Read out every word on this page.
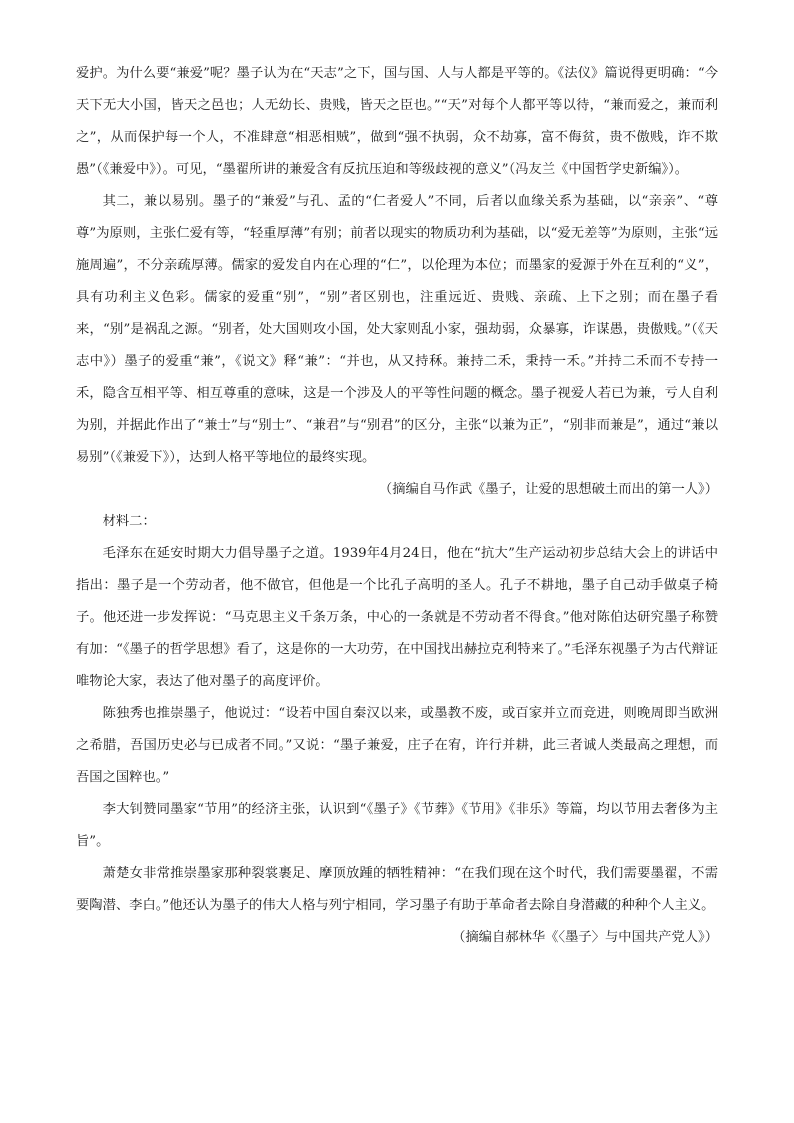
爱护。为什么要“兼爱”呢？墨子认为在“天志”之下，国与国、人与人都是平等的。《法仪》篇说得更明确：“今天下无大小国，皆天之邑也；人无幼长、贵贱，皆天之臣也。”“天”对每个人都平等以待，“兼而爱之，兼而利之”，从而保护每一个人，不准肆意“相恶相贼”，做到“强不执弱，众不劫寡，富不侮贫，贵不傲贱，诈不欺愚”（《兼爱中》）。可见，“墨翟所讲的兼爱含有反抗压迫和等级歧视的意义”（冯友兰《中国哲学史新编》）。

其二，兼以易别。墨子的“兼爱”与孔、孟的“仁者爱人”不同，后者以血缘关系为基础，以“亲亲”、“尊尊”为原则，主张仁爱有等，“轻重厚薄”有别；前者以现实的物质功利为基础，以“爱无差等”为原则，主张“远施周遍”，不分亲疏厚薄。儒家的爱发自内在心理的“仁”，以伦理为本位；而墨家的爱源于外在互利的“义”，具有功利主义色彩。儒家的爱重“别”，“别”者区别也，注重远近、贵贱、亲疏、上下之别；而在墨子看来，“别”是祸乱之源。“别者，处大国则攻小国，处大家则乱小家，强劫弱，众暴寡，诈谋愚，贵傲贱。”（《天志中》）墨子的爱重“兼”，《说文》释“兼”：“并也，从又持秝。兼持二禾，秉持一禾。”并持二禾而不专持一禾，隐含互相平等、相互尊重的意味，这是一个涉及人的平等性问题的概念。墨子视爱人若已为兼，亏人自利为别，并据此作出了“兼士”与“别士”、“兼君”与“别君”的区分，主张“以兼为正”，“别非而兼是”，通过“兼以易别”（《兼爱下》），达到人格平等地位的最终实现。

（摘编自马作武《墨子，让爱的思想破土而出的第一人》）

材料二：

毛泽东在延安时期大力倡导墨子之道。1939年4月24日，他在“抗大”生产运动初步总结大会上的讲话中指出：墨子是一个劳动者，他不做官，但他是一个比孔子高明的圣人。孔子不耕地，墨子自己动手做桌子椅子。他还进一步发挥说：“马克思主义千条万条，中心的一条就是不劳动者不得食。”他对陈伯达研究墨子称赞有加：“《墨子的哲学思想》看了，这是你的一大功劳，在中国找出赫拉克利特来了。”毛泽东视墨子为古代辩证唯物论大家，表达了他对墨子的高度评价。

陈独秀也推崇墨子，他说过：“设若中国自秦汉以来，或墨教不废，或百家并立而竞进，则晚周即当欧洲之希腊，吾国历史必与已成者不同。”又说：“墨子兼爱，庄子在宥，许行并耕，此三者诚人类最高之理想，而吾国之国粹也。”

李大钊赞同墨家“节用”的经济主张，认识到“《墨子》《节葬》《节用》《非乐》等篇，均以节用去奢侈为主旨”。

萧楚女非常推崇墨家那种裂裳裹足、摩顶放踵的牺牲精神：“在我们现在这个时代，我们需要墨翟，不需要陶潜、李白。”他还认为墨子的伟大人格与列宁相同，学习墨子有助于革命者去除自身潜藏的种种个人主义。

（摘编自郝林华《〈墨子〉与中国共产党人》）
